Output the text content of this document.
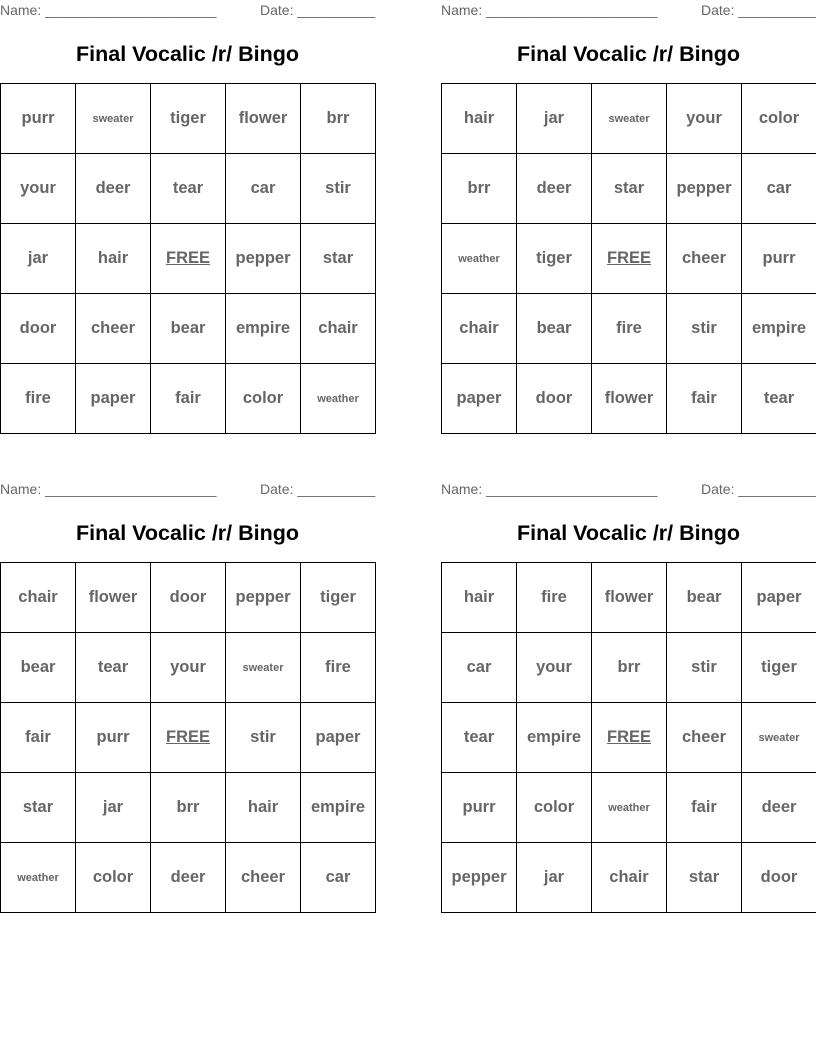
Name: ______________________	Date: __________
Final Vocalic /r/ Bingo
purr	sweater	tiger	flower	brr
your	deer	tear	car	stir
jar	hair	FREE	pepper	star
door	cheer	bear	empire	chair
fire	paper	fair	color	weather
Name: ______________________	Date: __________
Final Vocalic /r/ Bingo
hair	jar	sweater	your	color
brr	deer	star	pepper	car
weather	tiger	FREE	cheer	purr
chair	bear	fire	stir	empire
paper	door	flower	fair	tear
Name: ______________________	Date: __________
Final Vocalic /r/ Bingo
chair	flower	door	pepper	tiger
bear	tear	your	sweater	fire
fair	purr	FREE	stir	paper
star	jar	brr	hair	empire
weather	color	deer	cheer	car
Name: ______________________	Date: __________
Final Vocalic /r/ Bingo
hair	fire	flower	bear	paper
car	your	brr	stir	tiger
tear	empire	FREE	cheer	sweater
purr	color	weather	fair	deer
pepper	jar	chair	star	door
